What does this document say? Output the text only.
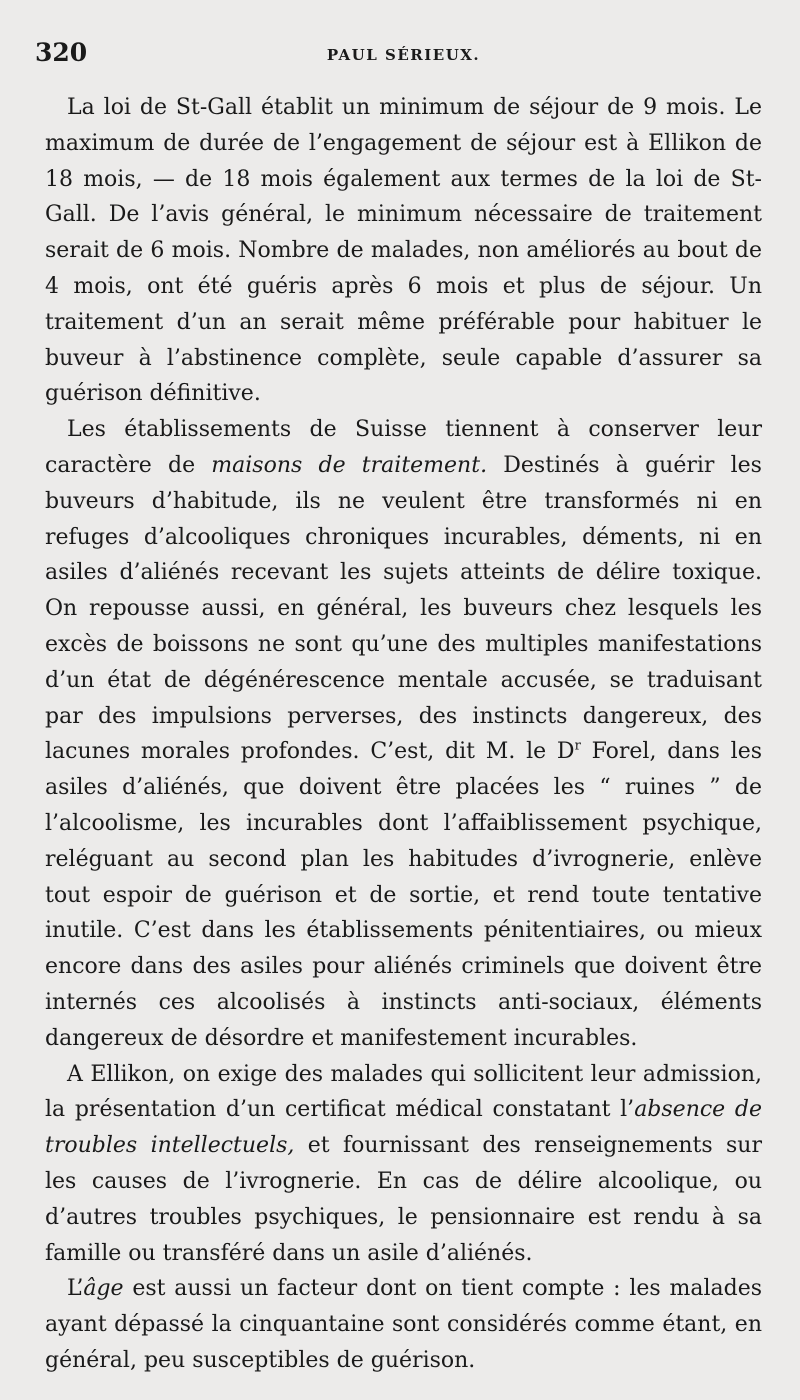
320	PAUL SÉRIEUX.

La loi de St-Gall établit un minimum de séjour de 9 mois. Le maximum de durée de l’engagement de séjour est à Ellikon de 18 mois, — de 18 mois également aux termes de la loi de St-Gall. De l’avis général, le minimum nécessaire de traitement serait de 6 mois. Nombre de malades, non améliorés au bout de 4 mois, ont été guéris après 6 mois et plus de séjour. Un traitement d’un an serait même préférable pour habituer le buveur à l’abstinence complète, seule capable d’assurer sa guérison définitive.

Les établissements de Suisse tiennent à conserver leur caractère de maisons de traitement. Destinés à guérir les buveurs d’habitude, ils ne veulent être transformés ni en refuges d’alcooliques chroniques incurables, déments, ni en asiles d’aliénés recevant les sujets atteints de délire toxique. On repousse aussi, en général, les buveurs chez lesquels les excès de boissons ne sont qu’une des multiples manifestations d’un état de dégénérescence mentale accusée, se traduisant par des impulsions perverses, des instincts dangereux, des lacunes morales profondes. C’est, dit M. le $D^r$ Forel, dans les asiles d’aliénés, que doivent être placées les “ ruines ” de l’alcoolisme, les incurables dont l’affaiblissement psychique, reléguant au second plan les habitudes d’ivrognerie, enlève tout espoir de guérison et de sortie, et rend toute tentative inutile. C’est dans les établissements pénitentiaires, ou mieux encore dans des asiles pour aliénés criminels que doivent être internés ces alcoolisés à instincts anti-sociaux, éléments dangereux de désordre et manifestement incurables.

A Ellikon, on exige des malades qui sollicitent leur admission, la présentation d’un certificat médical constatant l’absence de troubles intellectuels, et fournissant des renseignements sur les causes de l’ivrognerie. En cas de délire alcoolique, ou d’autres troubles psychiques, le pensionnaire est rendu à sa famille ou transféré dans un asile d’aliénés.

L’âge est aussi un facteur dont on tient compte : les malades ayant dépassé la cinquantaine sont considérés comme étant, en général, peu susceptibles de guérison.
